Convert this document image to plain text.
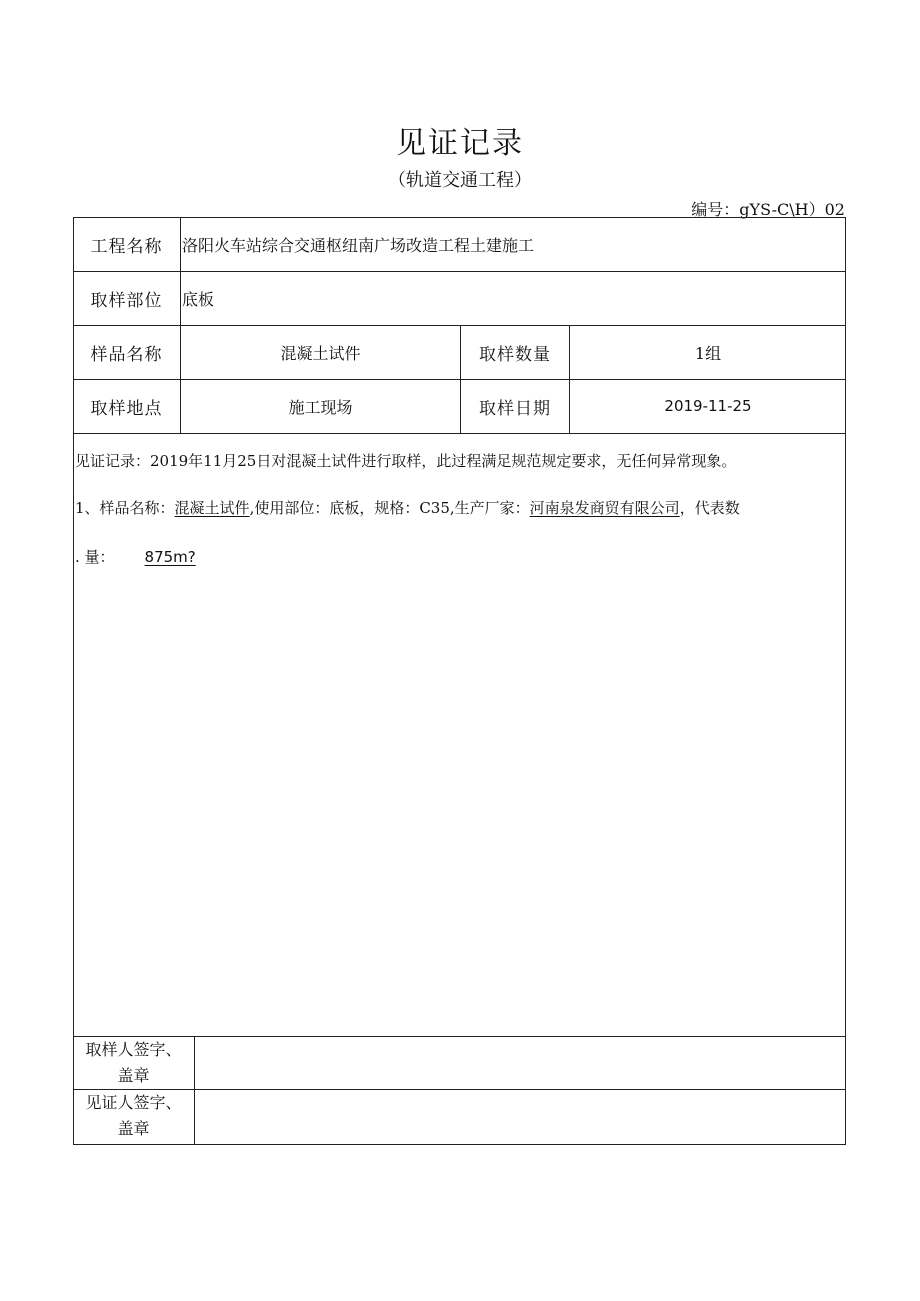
见证记录
（轨道交通工程）
编号：gYS-C\H）02
工程名称	洛阳火车站综合交通枢纽南广场改造工程土建施工
取样部位	底板
样品名称	混凝土试件	取样数量	1组
取样地点	施工现场	取样日期	2019-11-25
见证记录：2019年11月25日对混凝土试件进行取样，此过程满足规范规定要求，无任何异常现象。
1、样品名称：混凝土试件,使用部位：底板，规格：C35,生产厂家：河南泉发商贸有限公司，代表数
. 量： 875m?
取样人签字、
盖章
见证人签字、
盖章
